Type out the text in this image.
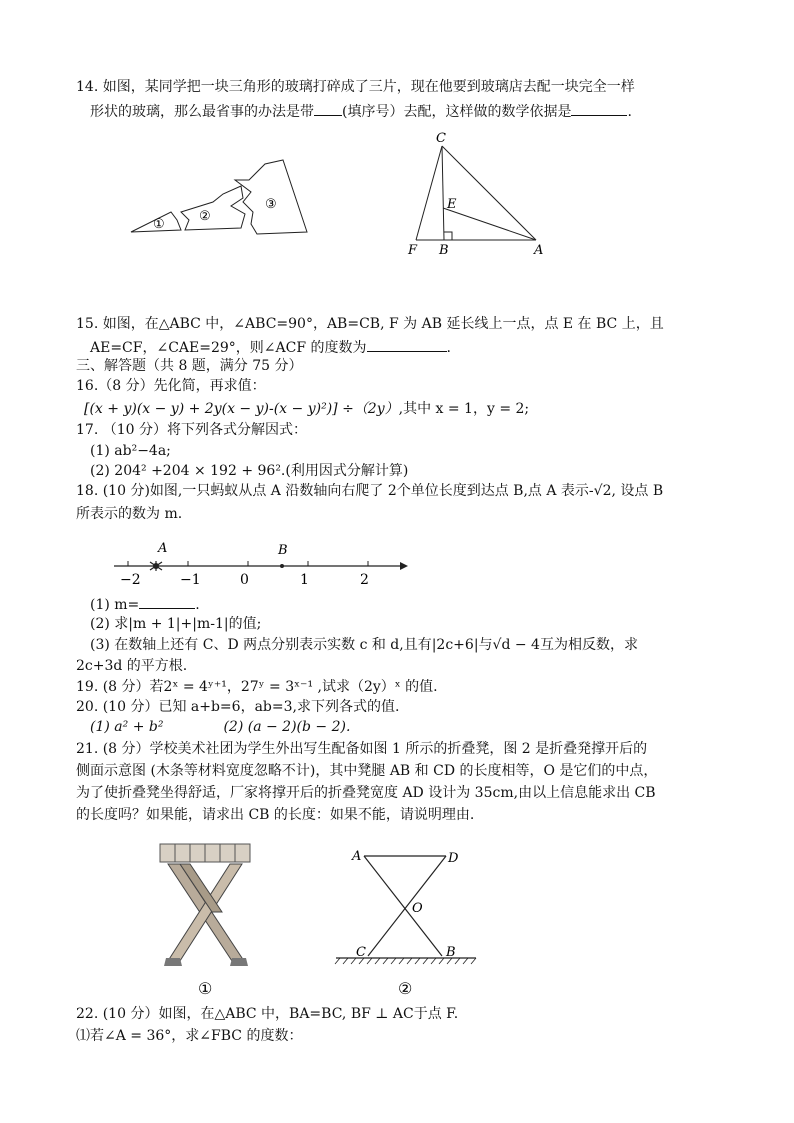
14. 如图，某同学把一块三角形的玻璃打碎成了三片，现在他要到玻璃店去配一块完全一样
形状的玻璃，那么最省事的办法是带 (填序号）去配，这样做的数学依据是	.
①
②
③
C
E
F B	A
15. 如图，在△ABC 中，∠ABC=90°，AB=CB, F 为 AB 延长线上一点，点 E 在 BC 上，且
AE=CF，∠CAE=29°，则∠ACF 的度数为	.
三、解答题（共 8 题，满分 75 分）
16.（8 分）先化简，再求值：
[(x + y)(x − y) + 2y(x − y)-(x − y)²)] ÷（2y）,其中 x = 1，y = 2;
17. （10 分）将下列各式分解因式：
(1) ab²−4a;
(2) 204² +204 × 192 + 96².(利用因式分解计算)
18. (10 分)如图,一只蚂蚁从点 A 沿数轴向右爬了 2个单位长度到达点 B,点 A 表示-√2, 设点 B
所表示的数为 m.
−2	−1	0	1	2
A	B
(1) m=	.
(2) 求|m + 1|+|m-1|的值;
(3) 在数轴上还有 C、D 两点分别表示实数 c 和 d,且有|2c+6|与√d − 4互为相反数，求
2c+3d 的平方根.
19. (8 分）若2ˣ = 4ʸ⁺¹，27ʸ = 3ˣ⁻¹ ,试求（2y）ˣ 的值.
20. (10 分）已知 a+b=6，ab=3,求下列各式的值.
(1) a² + b²	(2) (a − 2)(b − 2).
21. (8 分）学校美术社团为学生外出写生配备如图 1 所示的折叠凳，图 2 是折叠発撑开后的
侧面示意图 (木条等材料宽度忽略不计)，其中凳腿 AB 和 CD 的长度相等，O 是它们的中点，
为了使折叠凳坐得舒适，厂家将撑开后的折叠凳宽度 AD 设计为 35cm,由以上信息能求出 CB
的长度吗？如果能，请求出 CB 的长度：如果不能，请说明理由.
①
A	D
O
C	B
②
22. (10 分）如图，在△ABC 中，BA=BC, BF ⊥ AC于点 F.
⑴若∠A = 36°，求∠FBC 的度数：
